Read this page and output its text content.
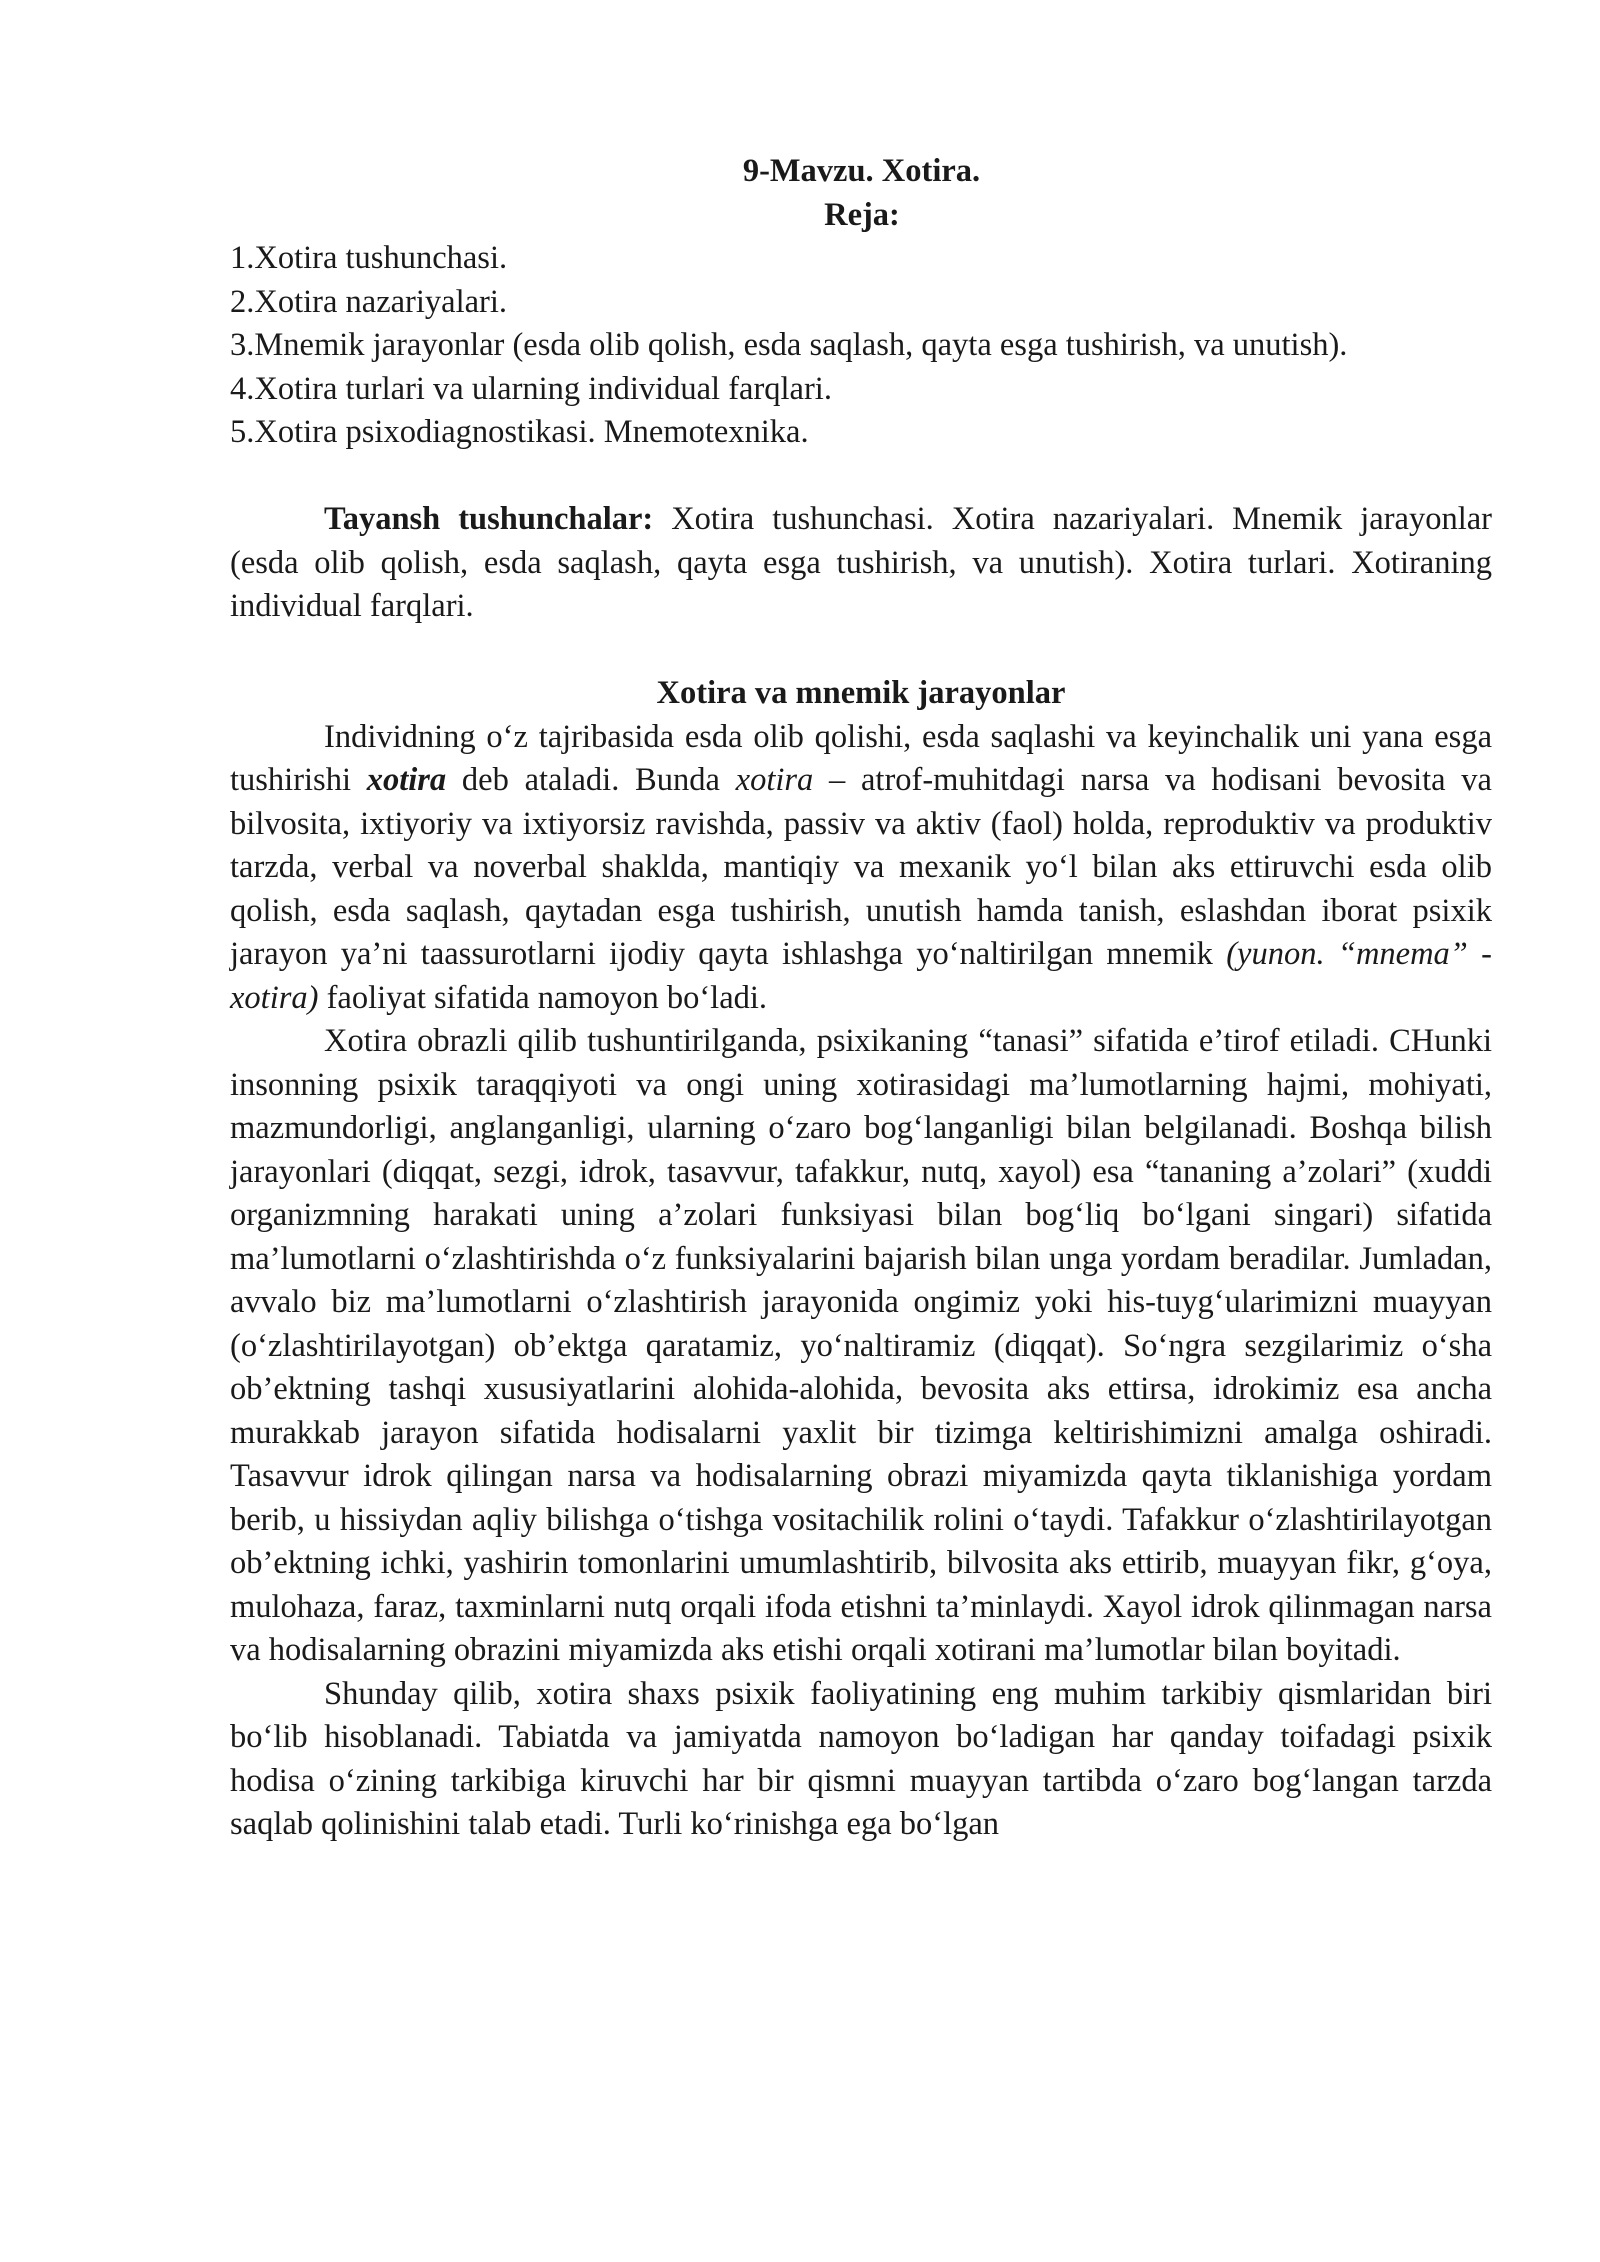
9-Mavzu. Xotira.
Reja:
1.Xotira tushunchasi.
2.Xotira nazariyalari.
3.Mnemik jarayonlar (esda olib qolish, esda saqlash, qayta esga tushirish, va unutish).
4.Xotira turlari va ularning individual farqlari.
5.Xotira psixodiagnostikasi. Mnemotexnika.

Tayansh tushunchalar: Xotira tushunchasi. Xotira nazariyalari. Mnemik jarayonlar (esda olib qolish, esda saqlash, qayta esga tushirish, va unutish). Xotira turlari. Xotiraning individual farqlari.

Xotira va mnemik jarayonlar

Individning o‘z tajribasida esda olib qolishi, esda saqlashi va keyinchalik uni yana esga tushirishi xotira deb ataladi. Bunda xotira – atrof-muhitdagi narsa va hodisani bevosita va bilvosita, ixtiyoriy va ixtiyorsiz ravishda, passiv va aktiv (faol) holda, reproduktiv va produktiv tarzda, verbal va noverbal shaklda, mantiqiy va mexanik yo‘l bilan aks ettiruvchi esda olib qolish, esda saqlash, qaytadan esga tushirish, unutish hamda tanish, eslashdan iborat psixik jarayon ya’ni taassurotlarni ijodiy qayta ishlashga yo‘naltirilgan mnemik (yunon. “mnema” - xotira) faoliyat sifatida namoyon bo‘ladi.

Xotira obrazli qilib tushuntirilganda, psixikaning “tanasi” sifatida e’tirof etiladi. CHunki insonning psixik taraqqiyoti va ongi uning xotirasidagi ma’lumotlarning hajmi, mohiyati, mazmundorligi, anglanganligi, ularning o‘zaro bog‘langanligi bilan belgilanadi. Boshqa bilish jarayonlari (diqqat, sezgi, idrok, tasavvur, tafakkur, nutq, xayol) esa “tananing a’zolari” (xuddi organizmning harakati uning a’zolari funksiyasi bilan bog‘liq bo‘lgani singari) sifatida ma’lumotlarni o‘zlashtirishda o‘z funksiyalarini bajarish bilan unga yordam beradilar. Jumladan, avvalo biz ma’lumotlarni o‘zlashtirish jarayonida ongimiz yoki his-tuyg‘ularimizni muayyan (o‘zlashtirilayotgan) ob’ektga qaratamiz, yo‘naltiramiz (diqqat). So‘ngra sezgilarimiz o‘sha ob’ektning tashqi xususiyatlarini alohida-alohida, bevosita aks ettirsa, idrokimiz esa ancha murakkab jarayon sifatida hodisalarni yaxlit bir tizimga keltirishimizni amalga oshiradi. Tasavvur idrok qilingan narsa va hodisalarning obrazi miyamizda qayta tiklanishiga yordam berib, u hissiydan aqliy bilishga o‘tishga vositachilik rolini o‘taydi. Tafakkur o‘zlashtirilayotgan ob’ektning ichki, yashirin tomonlarini umumlashtirib, bilvosita aks ettirib, muayyan fikr, g‘oya, mulohaza, faraz, taxminlarni nutq orqali ifoda etishni ta’minlaydi. Xayol idrok qilinmagan narsa va hodisalarning obrazini miyamizda aks etishi orqali xotirani ma’lumotlar bilan boyitadi.

Shunday qilib, xotira shaxs psixik faoliyatining eng muhim tarkibiy qismlaridan biri bo‘lib hisoblanadi. Tabiatda va jamiyatda namoyon bo‘ladigan har qanday toifadagi psixik hodisa o‘zining tarkibiga kiruvchi har bir qismni muayyan tartibda o‘zaro bog‘langan tarzda saqlab qolinishini talab etadi. Turli ko‘rinishga ega bo‘lgan
